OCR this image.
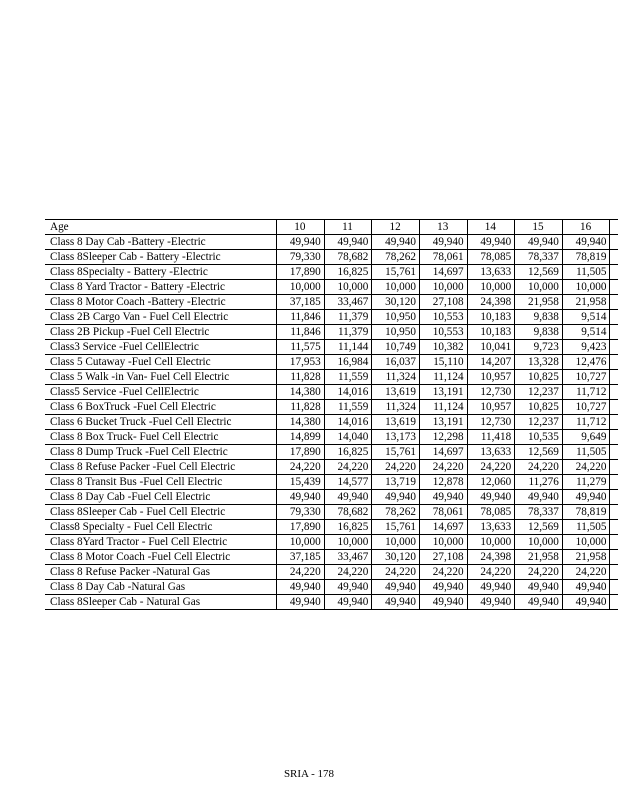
Age	10	11	12	13	14	15	16	
Class 8 Day Cab -Battery -Electric	49,940	49,940	49,940	49,940	49,940	49,940	49,940	
Class 8Sleeper Cab - Battery -Electric	79,330	78,682	78,262	78,061	78,085	78,337	78,819	
Class 8Specialty - Battery -Electric	17,890	16,825	15,761	14,697	13,633	12,569	11,505	
Class 8 Yard Tractor - Battery -Electric	10,000	10,000	10,000	10,000	10,000	10,000	10,000	
Class 8 Motor Coach -Battery -Electric	37,185	33,467	30,120	27,108	24,398	21,958	21,958	
Class 2B Cargo Van - Fuel Cell Electric	11,846	11,379	10,950	10,553	10,183	9,838	9,514	
Class 2B Pickup -Fuel Cell Electric	11,846	11,379	10,950	10,553	10,183	9,838	9,514	
Class3 Service -Fuel CellElectric	11,575	11,144	10,749	10,382	10,041	9,723	9,423	
Class 5 Cutaway -Fuel Cell Electric	17,953	16,984	16,037	15,110	14,207	13,328	12,476	
Class 5 Walk -in Van- Fuel Cell Electric	11,828	11,559	11,324	11,124	10,957	10,825	10,727	
Class5 Service -Fuel CellElectric	14,380	14,016	13,619	13,191	12,730	12,237	11,712	
Class 6 BoxTruck -Fuel Cell Electric	11,828	11,559	11,324	11,124	10,957	10,825	10,727	
Class 6 Bucket Truck -Fuel Cell Electric	14,380	14,016	13,619	13,191	12,730	12,237	11,712	
Class 8 Box Truck- Fuel Cell Electric	14,899	14,040	13,173	12,298	11,418	10,535	9,649	
Class 8 Dump Truck -Fuel Cell Electric	17,890	16,825	15,761	14,697	13,633	12,569	11,505	
Class 8 Refuse Packer -Fuel Cell Electric	24,220	24,220	24,220	24,220	24,220	24,220	24,220	
Class 8 Transit Bus -Fuel Cell Electric	15,439	14,577	13,719	12,878	12,060	11,276	11,279	
Class 8 Day Cab -Fuel Cell Electric	49,940	49,940	49,940	49,940	49,940	49,940	49,940	
Class 8Sleeper Cab - Fuel Cell Electric	79,330	78,682	78,262	78,061	78,085	78,337	78,819	
Class8 Specialty - Fuel Cell Electric	17,890	16,825	15,761	14,697	13,633	12,569	11,505	
Class 8Yard Tractor - Fuel Cell Electric	10,000	10,000	10,000	10,000	10,000	10,000	10,000	
Class 8 Motor Coach -Fuel Cell Electric	37,185	33,467	30,120	27,108	24,398	21,958	21,958	
Class 8 Refuse Packer -Natural Gas	24,220	24,220	24,220	24,220	24,220	24,220	24,220	
Class 8 Day Cab -Natural Gas	49,940	49,940	49,940	49,940	49,940	49,940	49,940	
Class 8Sleeper Cab - Natural Gas	49,940	49,940	49,940	49,940	49,940	49,940	49,940	
SRIA - 178
